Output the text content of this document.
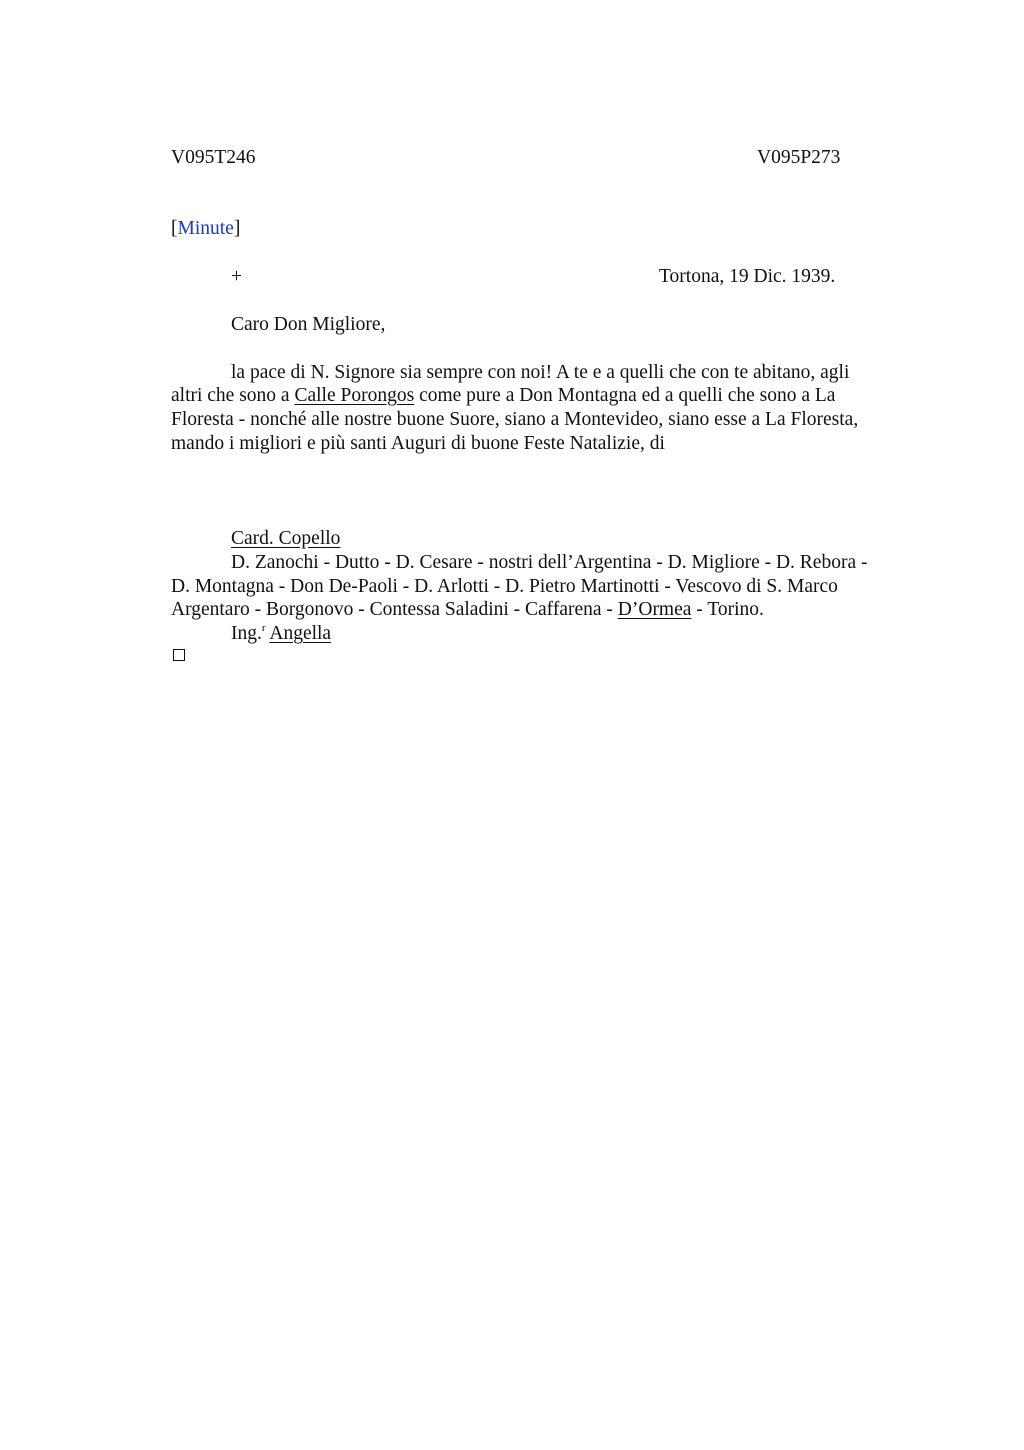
V095T246	V095P273
[Minute]
+	Tortona, 19 Dic. 1939.
Caro Don Migliore,
la pace di N. Signore sia sempre con noi! A te e a quelli che con te abitano, agli
altri che sono a Calle Porongos come pure a Don Montagna ed a quelli che sono a La
Floresta - nonché alle nostre buone Suore, siano a Montevideo, siano esse a La Floresta,
mando i migliori e più santi Auguri di buone Feste Natalizie, di
Card. Copello
D. Zanochi - Dutto - D. Cesare - nostri dell’Argentina - D. Migliore - D. Rebora -
D. Montagna - Don De-Paoli - D. Arlotti - D. Pietro Martinotti - Vescovo di S. Marco
Argentaro - Borgonovo - Contessa Saladini - Caffarena - D’Ormea - Torino.
Ing.$^r$ Angella
